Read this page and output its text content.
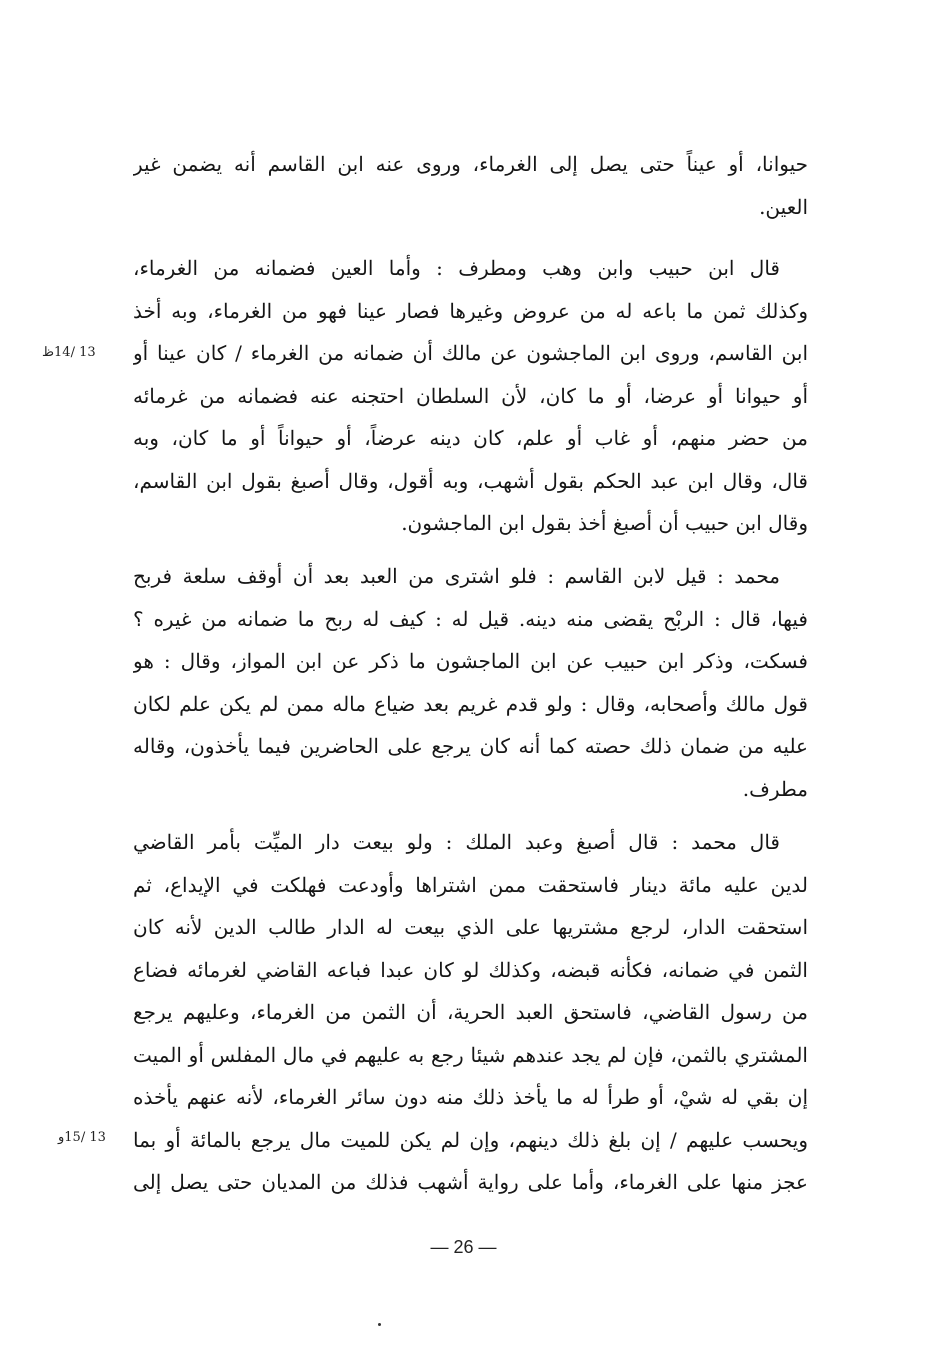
حيوانا، أو عيناً حتى يصل إلى الغرماء، وروى عنه ابن القاسم أنه يضمن غير
العين.
قال ابن حبيب وابن وهب ومطرف : وأما العين فضمانه من الغرماء،
وكذلك ثمن ما باعه له من عروض وغيرها فصار عينا فهو من الغرماء، وبه أخذ
ابن القاسم، وروى ابن الماجشون عن مالك أن ضمانه من الغرماء / كان عينا أو
أو حيوانا أو عرضا، أو ما كان، لأن السلطان احتجنه عنه فضمانه من غرمائه
من حضر منهم، أو غاب أو علم، كان دينه عرضاً، أو حيواناً أو ما كان، وبه
قال، وقال ابن عبد الحكم بقول أشهب، وبه أقول، وقال أصبغ بقول ابن القاسم،
وقال ابن حبيب أن أصبغ أخذ بقول ابن الماجشون.
محمد : قيل لابن القاسم : فلو اشترى من العبد بعد أن أوقف سلعة فربح
فيها، قال : الربْح يقضى منه دينه. قيل له : كيف له ربح ما ضمانه من غيره ؟
فسكت، وذكر ابن حبيب عن ابن الماجشون ما ذكر عن ابن المواز، وقال : هو
قول مالك وأصحابه، وقال : ولو قدم غريم بعد ضياع ماله ممن لم يكن علم لكان
عليه من ضمان ذلك حصته كما أنه كان يرجع على الحاضرين فيما يأخذون، وقاله
مطرف.
قال محمد : قال أصبغ وعبد الملك : ولو بيعت دار الميِّت بأمر القاضي
لدين عليه مائة دينار فاستحقت ممن اشتراها وأودعت فهلكت في الإيداع، ثم
استحقت الدار، لرجع مشتريها على الذي بيعت له الدار طالب الدين لأنه كان
الثمن في ضمانه، فكأنه قبضه، وكذلك لو كان عبدا فباعه القاضي لغرمائه فضاع
من رسول القاضي، فاستحق العبد الحرية، أن الثمن من الغرماء، وعليهم يرجع
المشتري بالثمن، فإن لم يجد عندهم شيئا رجع به عليهم في مال المفلس أو الميت
إن بقي له شيْ، أو طرأ له ما يأخذ ذلك منه دون سائر الغرماء، لأنه عنهم يأخذه
ويحسب عليهم / إن بلغ ذلك دينهم، وإن لم يكن للميت مال يرجع بالمائة أو بما
عجز منها على الغرماء، وأما على رواية أشهب فذلك من المديان حتى يصل إلى
13 /14ظ
13 /15و
— 26 —
